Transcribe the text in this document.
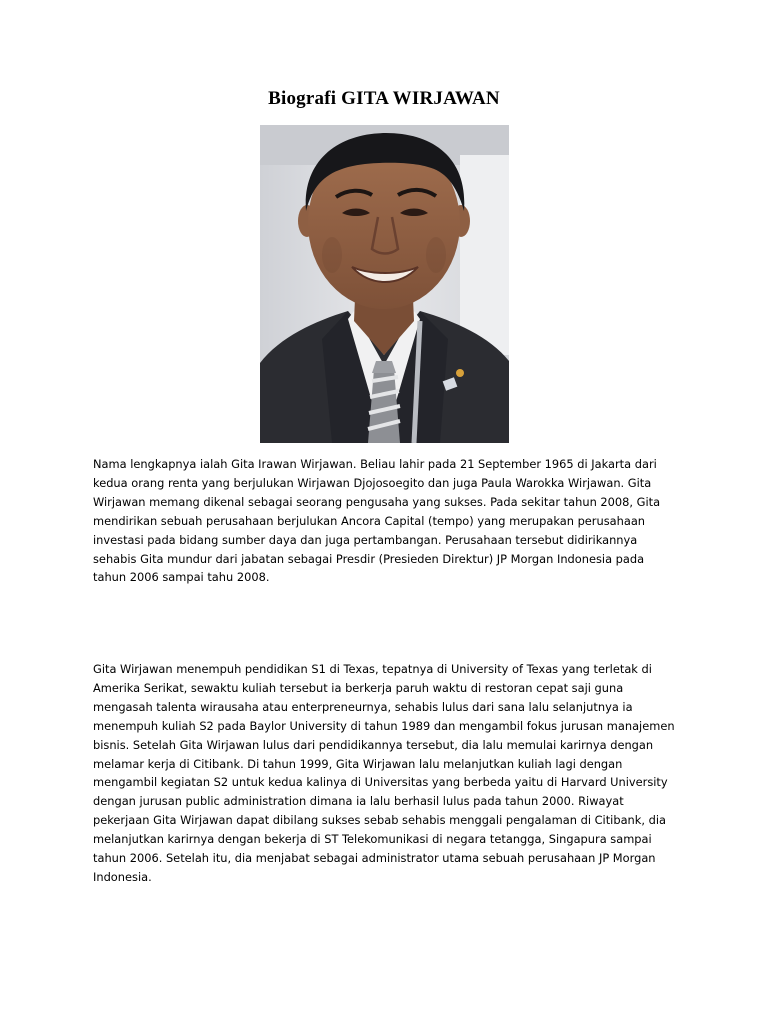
Biografi GITA WIRJAWAN
Nama lengkapnya ialah Gita Irawan Wirjawan. Beliau lahir pada 21 September 1965 di Jakarta dari
kedua orang renta yang berjulukan Wirjawan Djojosoegito dan juga Paula Warokka Wirjawan. Gita
Wirjawan memang dikenal sebagai seorang pengusaha yang sukses. Pada sekitar tahun 2008, Gita
mendirikan sebuah perusahaan berjulukan Ancora Capital (tempo) yang merupakan perusahaan
investasi pada bidang sumber daya dan juga pertambangan. Perusahaan tersebut didirikannya
sehabis Gita mundur dari jabatan sebagai Presdir (Presieden Direktur) JP Morgan Indonesia pada
tahun 2006 sampai tahu 2008.
Gita Wirjawan menempuh pendidikan S1 di Texas, tepatnya di University of Texas yang terletak di
Amerika Serikat, sewaktu kuliah tersebut ia berkerja paruh waktu di restoran cepat saji guna
mengasah talenta wirausaha atau enterpreneurnya, sehabis lulus dari sana lalu selanjutnya ia
menempuh kuliah S2 pada Baylor University di tahun 1989 dan mengambil fokus jurusan manajemen
bisnis. Setelah Gita Wirjawan lulus dari pendidikannya tersebut, dia lalu memulai karirnya dengan
melamar kerja di Citibank. Di tahun 1999, Gita Wirjawan lalu melanjutkan kuliah lagi dengan
mengambil kegiatan S2 untuk kedua kalinya di Universitas yang berbeda yaitu di Harvard University
dengan jurusan public administration dimana ia lalu berhasil lulus pada tahun 2000. Riwayat
pekerjaan Gita Wirjawan dapat dibilang sukses sebab sehabis menggali pengalaman di Citibank, dia
melanjutkan karirnya dengan bekerja di ST Telekomunikasi di negara tetangga, Singapura sampai
tahun 2006. Setelah itu, dia menjabat sebagai administrator utama sebuah perusahaan JP Morgan
Indonesia.
